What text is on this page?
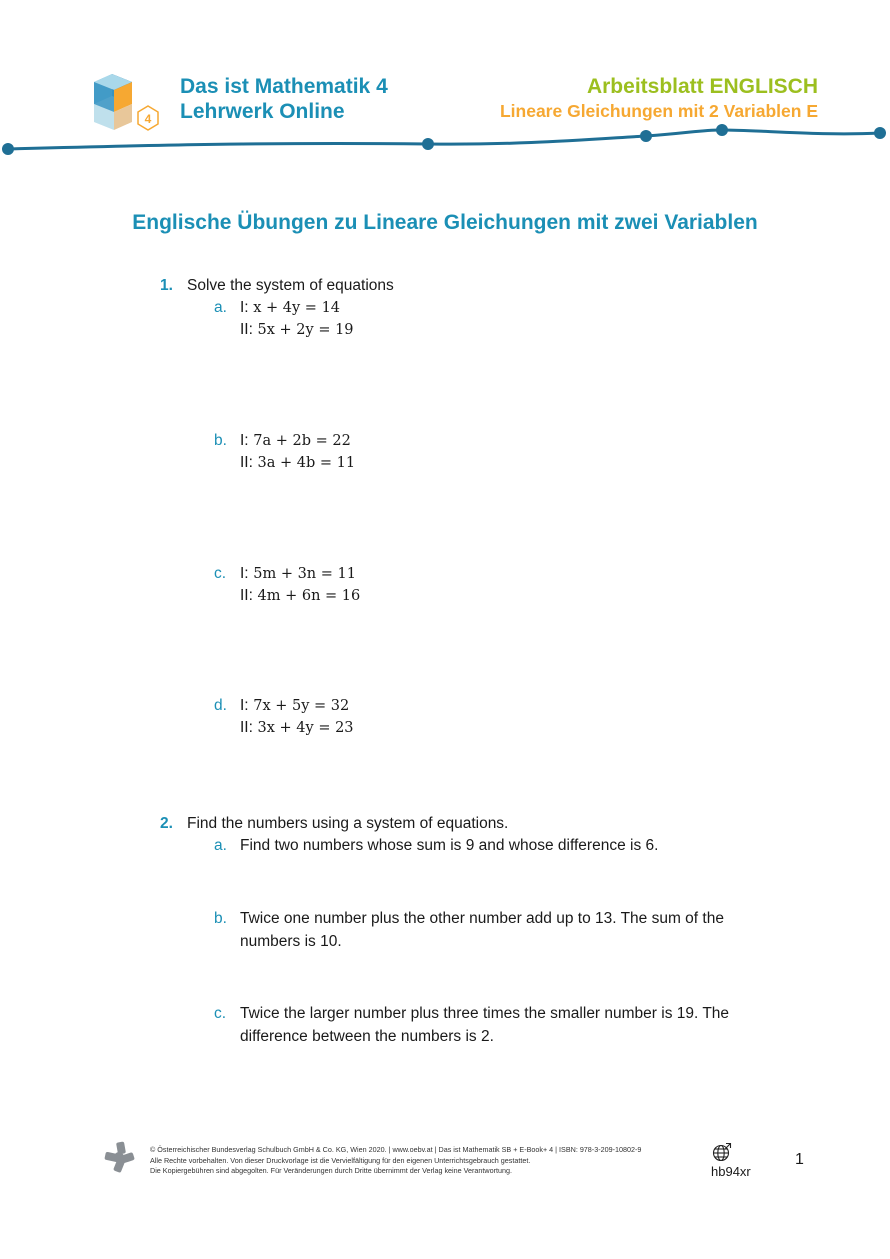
4
Das ist Mathematik 4
Lehrwerk Online
Arbeitsblatt ENGLISCH
Lineare Gleichungen mit 2 Variablen E
Englische Übungen zu Lineare Gleichungen mit zwei Variablen
1. Solve the system of equations
a. I: x + 4y = 14
II: 5x + 2y = 19
b. I: 7a + 2b = 22
II: 3a + 4b = 11
c. I: 5m + 3n = 11
II: 4m + 6n = 16
d. I: 7x + 5y = 32
II: 3x + 4y = 23
2. Find the numbers using a system of equations.
a. Find two numbers whose sum is 9 and whose difference is 6.
b. Twice one number plus the other number add up to 13. The sum of the
numbers is 10.
c. Twice the larger number plus three times the smaller number is 19. The
difference between the numbers is 2.
© Österreichischer Bundesverlag Schulbuch GmbH & Co. KG, Wien 2020. | www.oebv.at | Das ist Mathematik SB + E-Book+ 4 | ISBN: 978-3-209-10802-9
Alle Rechte vorbehalten. Von dieser Druckvorlage ist die Vervielfältigung für den eigenen Unterrichtsgebrauch gestattet.
Die Kopiergebühren sind abgegolten. Für Veränderungen durch Dritte übernimmt der Verlag keine Verantwortung.	hb94xr
1
